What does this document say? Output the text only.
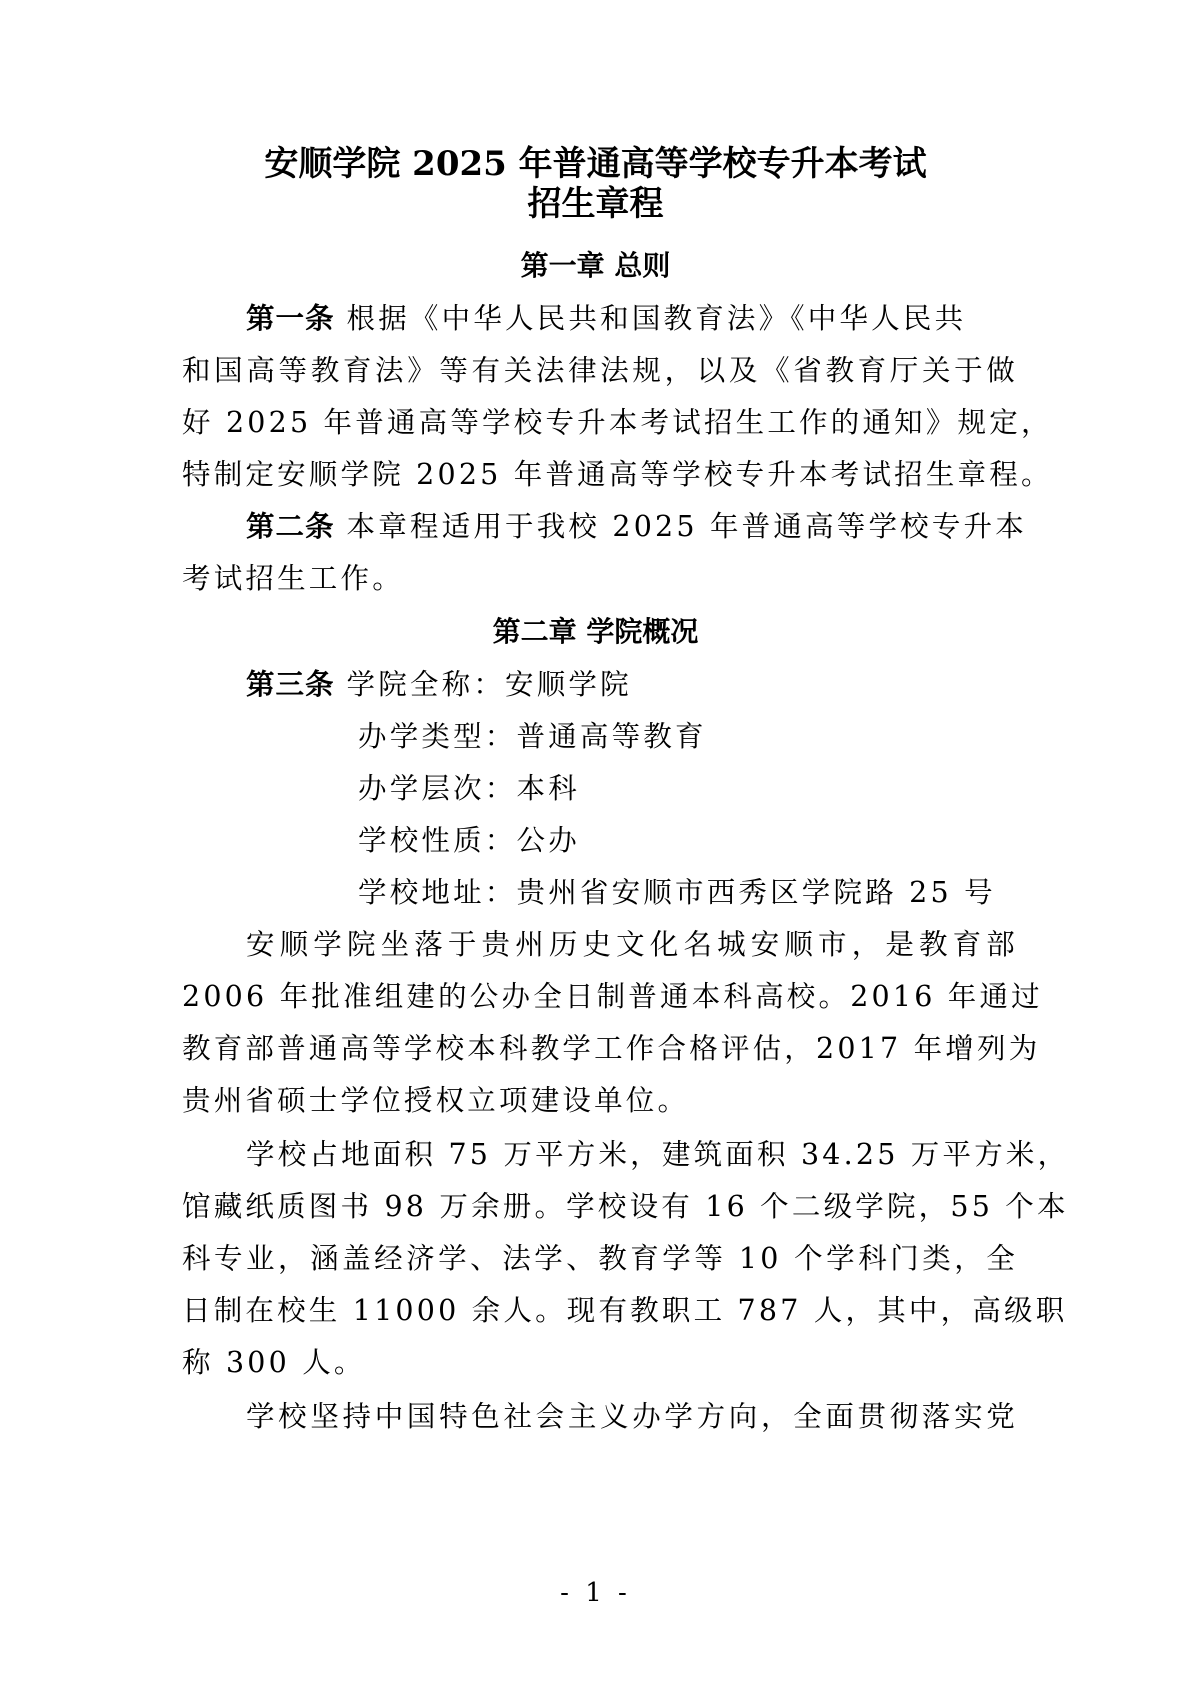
安顺学院 2025 年普通高等学校专升本考试
招生章程
第一章 总则
第一条 根据《中华人民共和国教育法》《中华人民共
和国高等教育法》等有关法律法规，以及《省教育厅关于做
好 2025 年普通高等学校专升本考试招生工作的通知》规定，
特制定安顺学院 2025 年普通高等学校专升本考试招生章程。
第二条 本章程适用于我校 2025 年普通高等学校专升本
考试招生工作。
第二章 学院概况
第三条 学院全称：安顺学院
办学类型：普通高等教育
办学层次：本科
学校性质：公办
学校地址：贵州省安顺市西秀区学院路 25 号
安顺学院坐落于贵州历史文化名城安顺市，是教育部
2006 年批准组建的公办全日制普通本科高校。2016 年通过
教育部普通高等学校本科教学工作合格评估，2017 年增列为
贵州省硕士学位授权立项建设单位。
学校占地面积 75 万平方米，建筑面积 34.25 万平方米，
馆藏纸质图书 98 万余册。学校设有 16 个二级学院，55 个本
科专业，涵盖经济学、法学、教育学等 10 个学科门类，全
日制在校生 11000 余人。现有教职工 787 人，其中，高级职
称 300 人。
学校坚持中国特色社会主义办学方向，全面贯彻落实党
- 1 -
